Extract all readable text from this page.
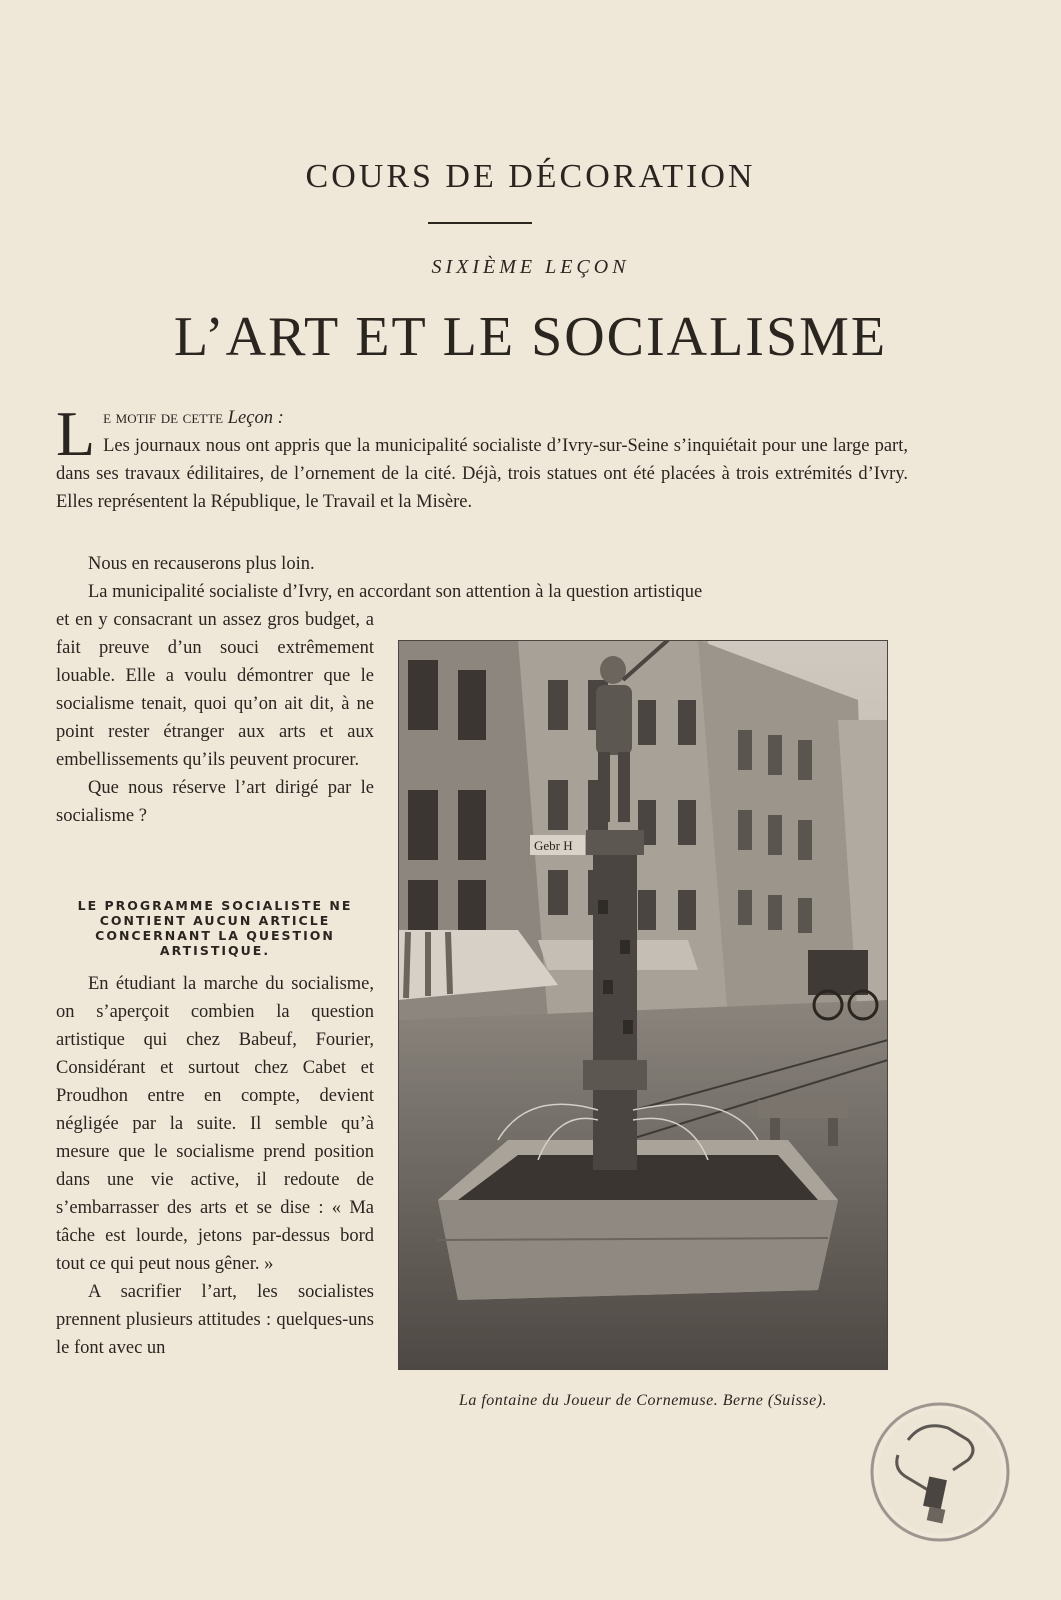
COURS DE DÉCORATION
SIXIÈME LEÇON
L’ART ET LE SOCIALISME
L e motif de cette Leçon :
Les journaux nous ont appris que la municipalité socialiste d’Ivry-sur-Seine s’inquiétait pour une large part, dans ses travaux édilitaires, de l’ornement de la cité. Déjà, trois statues ont été placées à trois extrémités d’Ivry. Elles représentent la République, le Travail et la Misère.
Nous en recauserons plus loin.
La municipalité socialiste d’Ivry, en accordant son attention à la question artistique

et en y consacrant un assez gros budget, a fait preuve d’un souci extrêmement louable. Elle a voulu démontrer que le socialisme tenait, quoi qu’on ait dit, à ne point rester étranger aux arts et aux embellissements qu’ils peuvent procurer.

Que nous réserve l’art dirigé par le socialisme ?

LE PROGRAMME SOCIALISTE NE CONTIENT AUCUN ARTICLE CONCERNANT LA QUESTION ARTISTIQUE.

En étudiant la marche du socialisme, on s’aperçoit combien la question artistique qui chez Babeuf, Fourier, Considérant et surtout chez Cabet et Proudhon entre en compte, devient négligée par la suite. Il semble qu’à mesure que le socialisme prend position dans une vie active, il redoute de s’embarrasser des arts et se dise : « Ma tâche est lourde, jetons par-dessus bord tout ce qui peut nous gêner. »

A sacrifier l’art, les socialistes prennent plusieurs attitudes : quelques-uns le font avec un

Gebr H
La fontaine du Joueur de Cornemuse. Berne (Suisse).
